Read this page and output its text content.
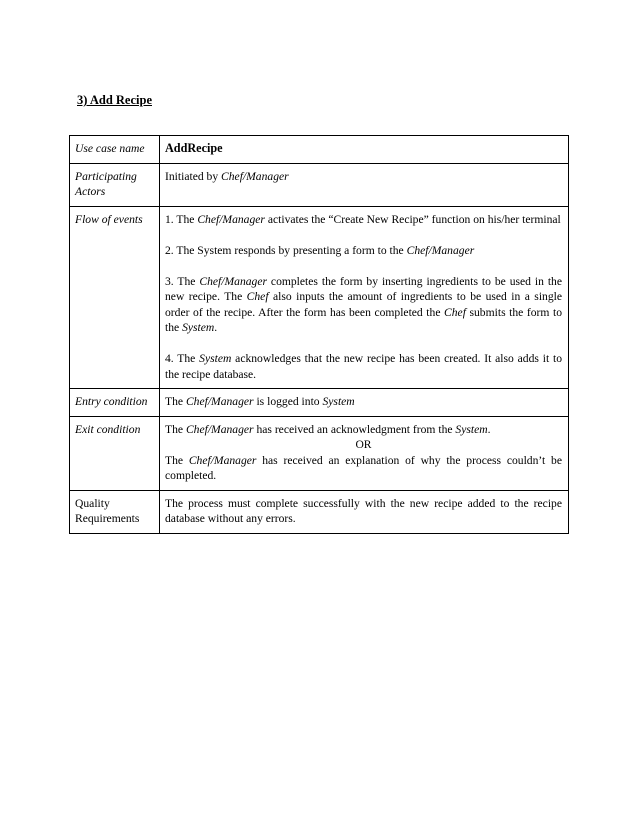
3) Add Recipe

Use case name	AddRecipe
Participating Actors	Initiated by Chef/Manager
Flow of events	1. The Chef/Manager activates the “Create New Recipe” function on his/her terminal

2. The System responds by presenting a form to the Chef/Manager

3. The Chef/Manager completes the form by inserting ingredients to be used in the new recipe. The Chef also inputs the amount of ingredients to be used in a single order of the recipe. After the form has been completed the Chef submits the form to the System.

4. The System acknowledges that the new recipe has been created. It also adds it to the recipe database.

Entry condition	The Chef/Manager is logged into System
Exit condition	The Chef/Manager has received an acknowledgment from the System.

OR

The Chef/Manager has received an explanation of why the process couldn’t be completed.

Quality Requirements	The process must complete successfully with the new recipe added to the recipe database without any errors.
